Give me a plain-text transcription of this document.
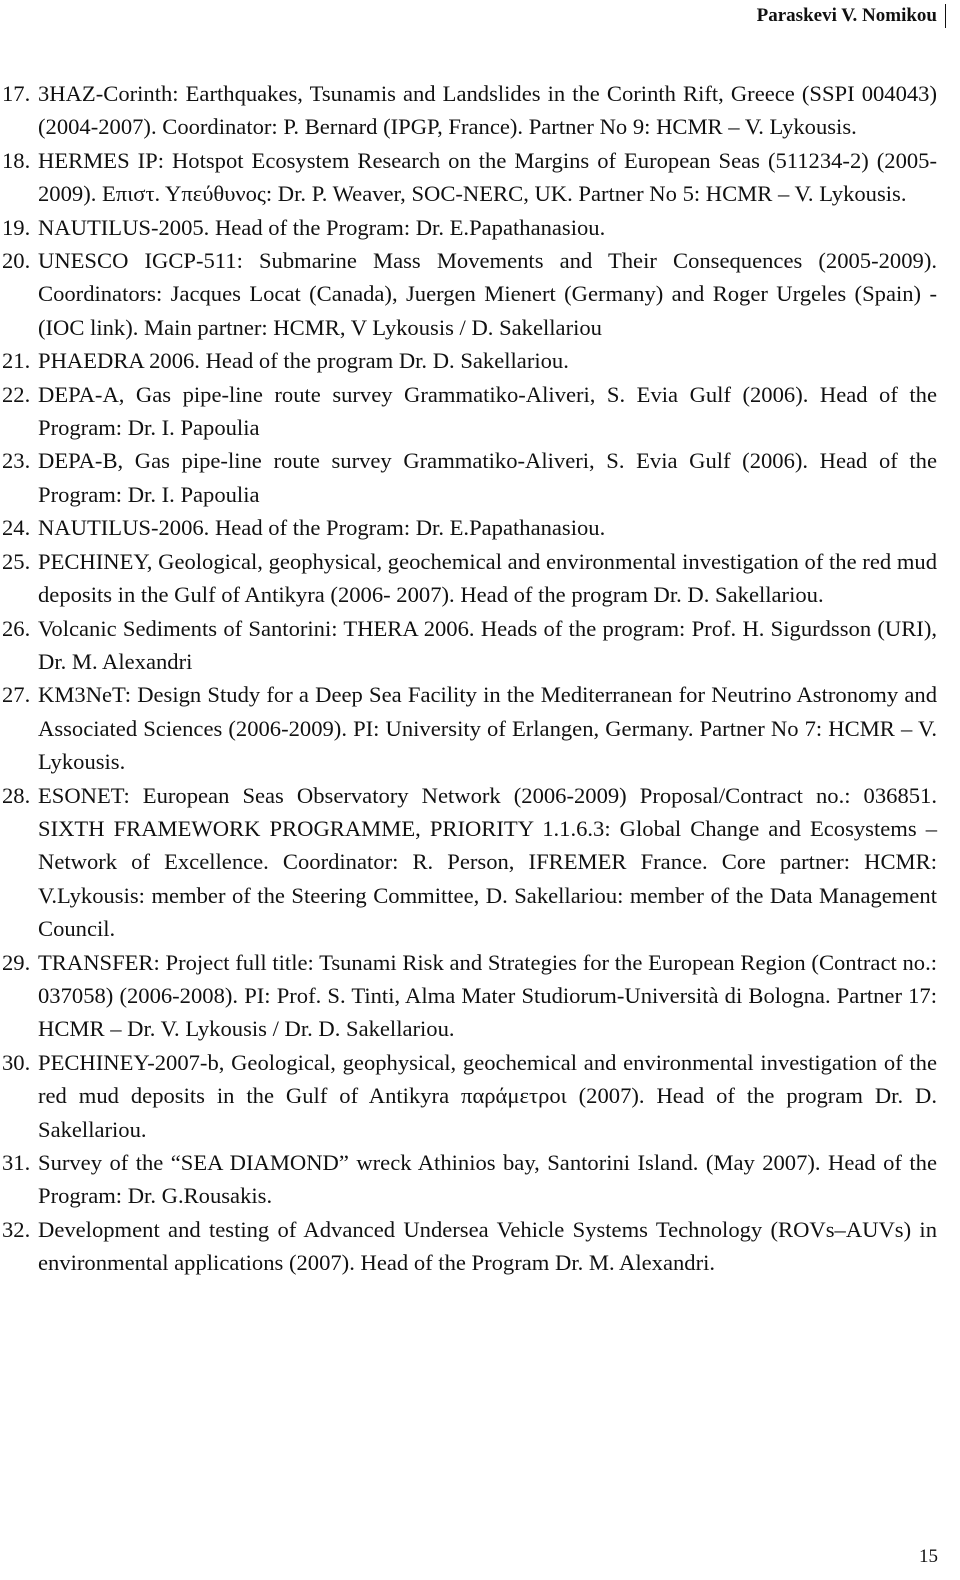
Paraskevi V. Nomikou
17. 3HAZ-Corinth: Earthquakes, Tsunamis and Landslides in the Corinth Rift, Greece (SSPI 004043) (2004-2007). Coordinator: P. Bernard (IPGP, France). Partner No 9: HCMR – V. Lykousis.
18. HERMES IP: Hotspot Ecosystem Research on the Margins of European Seas (511234-2) (2005-2009). Επιστ. Υπεύθυνος: Dr. P. Weaver, SOC-NERC, UK. Partner No 5: HCMR – V. Lykousis.
19. NAUTILUS-2005. Head of the Program: Dr. E.Papathanasiou.
20. UNESCO IGCP-511: Submarine Mass Movements and Their Consequences (2005-2009). Coordinators: Jacques Locat (Canada), Juergen Mienert (Germany) and Roger Urgeles (Spain) - (IOC link). Main partner: HCMR, V Lykousis / D. Sakellariou
21. PHAEDRA 2006. Head of the program Dr. D. Sakellariou.
22. DEPA-A, Gas pipe-line route survey Grammatiko-Aliveri, S. Evia Gulf (2006). Head of the Program: Dr. I. Papoulia
23. DEPA-B, Gas pipe-line route survey Grammatiko-Aliveri, S. Evia Gulf (2006). Head of the Program: Dr. I. Papoulia
24. NAUTILUS-2006. Head of the Program: Dr. E.Papathanasiou.
25. PECHINEY, Geological, geophysical, geochemical and environmental investigation of the red mud deposits in the Gulf of Antikyra (2006- 2007). Head of the program Dr. D. Sakellariou.
26. Volcanic Sediments of Santorini: THERA 2006. Heads of the program: Prof. H. Sigurdsson (URI), Dr. M. Alexandri
27. KM3NeT: Design Study for a Deep Sea Facility in the Mediterranean for Neutrino Astronomy and Associated Sciences (2006-2009). PI: University of Erlangen, Germany. Partner No 7: HCMR – V. Lykousis.
28. ESONET: European Seas Observatory Network (2006-2009) Proposal/Contract no.: 036851. SIXTH FRAMEWORK PROGRAMME, PRIORITY 1.1.6.3: Global Change and Ecosystems – Network of Excellence. Coordinator: R. Person, IFREMER France. Core partner: HCMR: V.Lykousis: member of the Steering Committee, D. Sakellariou: member of the Data Management Council.
29. TRANSFER: Project full title: Tsunami Risk and Strategies for the European Region (Contract no.: 037058) (2006-2008). PI: Prof. S. Tinti, Alma Mater Studiorum-Università di Bologna. Partner 17: HCMR – Dr. V. Lykousis / Dr. D. Sakellariou.
30. PECHINEY-2007-b, Geological, geophysical, geochemical and environmental investigation of the red mud deposits in the Gulf of Antikyra παράμετροι (2007). Head of the program Dr. D. Sakellariou.
31. Survey of the “SEA DIAMOND” wreck Athinios bay, Santorini Island. (May 2007). Head of the Program: Dr. G.Rousakis.
32. Development and testing of Advanced Undersea Vehicle Systems Technology (ROVs–AUVs) in environmental applications (2007). Head of the Program Dr. M. Alexandri.
15
